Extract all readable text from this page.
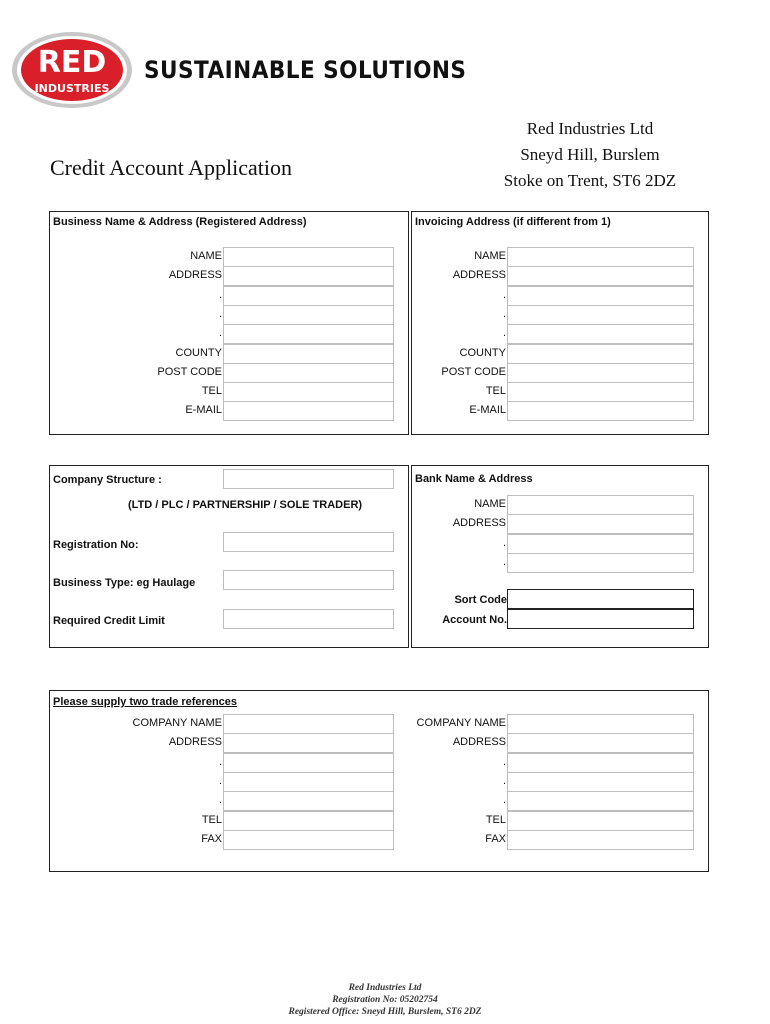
RED
INDUSTRIES
SUSTAINABLE SOLUTIONS
Red Industries Ltd
Sneyd Hill, Burslem
Stoke on Trent, ST6 2DZ
Credit Account Application
Business Name & Address (Registered Address)
NAME
ADDRESS
.
.
.
COUNTY
POST CODE
TEL
E-MAIL
Invoicing Address (if different from 1)
NAME
ADDRESS
.
.
.
COUNTY
POST CODE
TEL
E-MAIL
Company Structure :
(LTD / PLC / PARTNERSHIP / SOLE TRADER)
Registration No:
Business Type: eg Haulage
Required Credit Limit
Bank Name & Address
NAME
ADDRESS
.
.
Sort Code
Account No.
Please supply two trade references
COMPANY NAME
ADDRESS
.
.
.
TEL
FAX
COMPANY NAME
ADDRESS
.
.
.
TEL
FAX
Red Industries Ltd
Registration No: 05202754
Registered Office: Sneyd Hill, Burslem, ST6 2DZ
